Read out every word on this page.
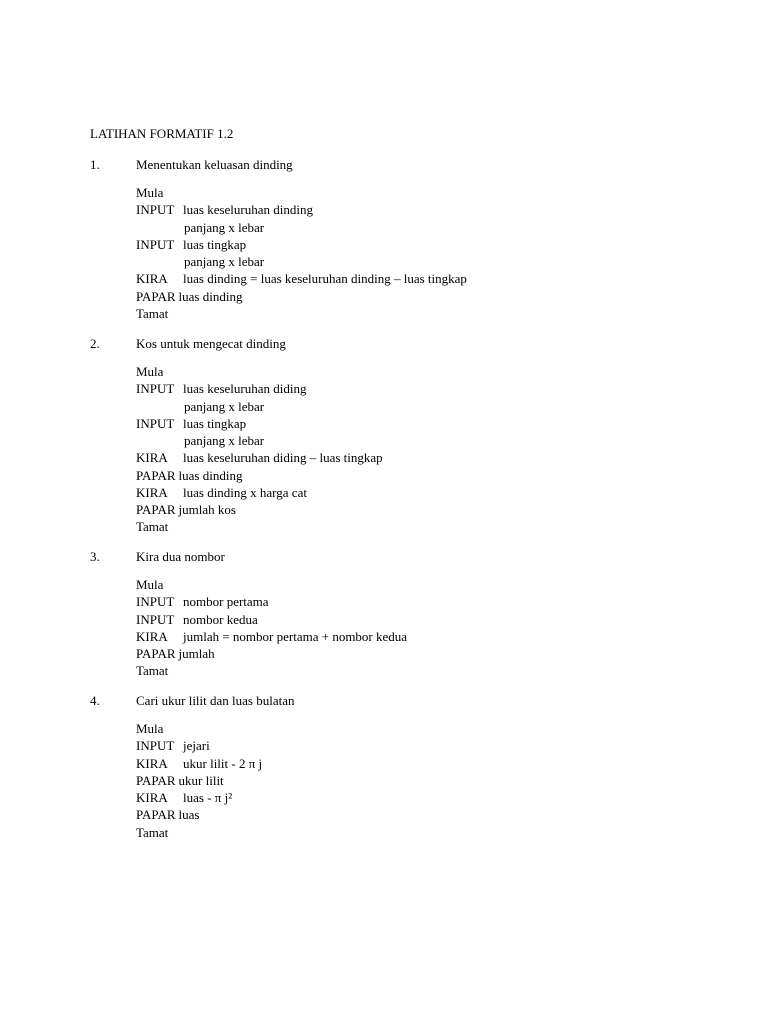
LATIHAN FORMATIF 1.2
1.	Menentukan keluasan dinding
Mula
INPUT luas keseluruhan dinding
panjang x lebar
INPUT luas tingkap
panjang x lebar
KIRA luas dinding = luas keseluruhan dinding – luas tingkap
PAPAR luas dinding
Tamat
2.	Kos untuk mengecat dinding
Mula
INPUT luas keseluruhan diding
panjang x lebar
INPUT luas tingkap
panjang x lebar
KIRA luas keseluruhan diding – luas tingkap
PAPAR luas dinding
KIRA luas dinding x harga cat
PAPAR jumlah kos
Tamat
3.	Kira dua nombor
Mula
INPUT nombor pertama
INPUT nombor kedua
KIRA jumlah = nombor pertama + nombor kedua
PAPAR jumlah
Tamat
4.	Cari ukur lilit dan luas bulatan
Mula
INPUT jejari
KIRA ukur lilit - 2 π j
PAPAR ukur lilit
KIRA luas - π j²
PAPAR luas
Tamat
